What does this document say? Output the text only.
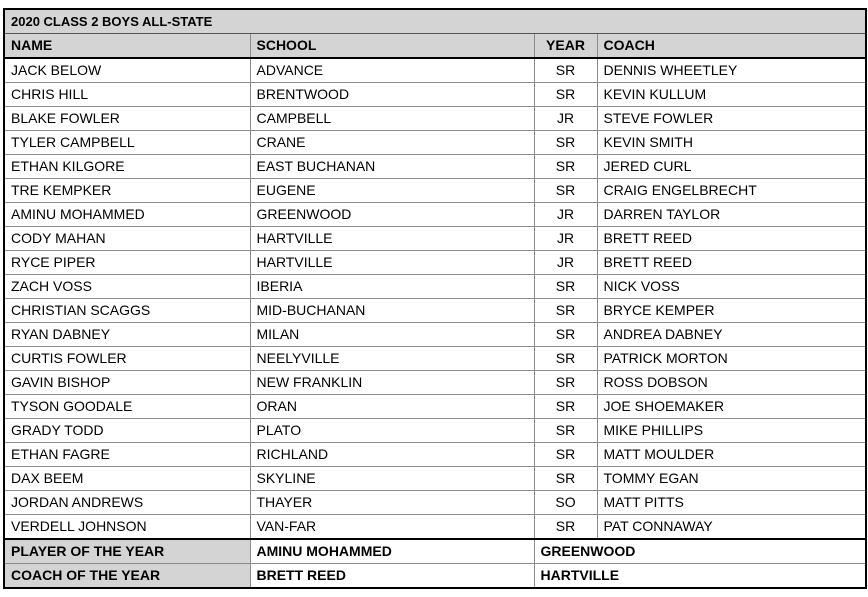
2020 CLASS 2 BOYS ALL-STATE			
NAME	SCHOOL	YEAR	COACH
JACK BELOW	ADVANCE	SR	DENNIS WHEETLEY
CHRIS HILL	BRENTWOOD	SR	KEVIN KULLUM
BLAKE FOWLER	CAMPBELL	JR	STEVE FOWLER
TYLER CAMPBELL	CRANE	SR	KEVIN SMITH
ETHAN KILGORE	EAST BUCHANAN	SR	JERED CURL
TRE KEMPKER	EUGENE	SR	CRAIG ENGELBRECHT
AMINU MOHAMMED	GREENWOOD	JR	DARREN TAYLOR
CODY MAHAN	HARTVILLE	JR	BRETT REED
RYCE PIPER	HARTVILLE	JR	BRETT REED
ZACH VOSS	IBERIA	SR	NICK VOSS
CHRISTIAN SCAGGS	MID-BUCHANAN	SR	BRYCE KEMPER
RYAN DABNEY	MILAN	SR	ANDREA DABNEY
CURTIS FOWLER	NEELYVILLE	SR	PATRICK MORTON
GAVIN BISHOP	NEW FRANKLIN	SR	ROSS DOBSON
TYSON GOODALE	ORAN	SR	JOE SHOEMAKER
GRADY TODD	PLATO	SR	MIKE PHILLIPS
ETHAN FAGRE	RICHLAND	SR	MATT MOULDER
DAX BEEM	SKYLINE	SR	TOMMY EGAN
JORDAN ANDREWS	THAYER	SO	MATT PITTS
VERDELL JOHNSON	VAN-FAR	SR	PAT CONNAWAY
PLAYER OF THE YEAR	AMINU MOHAMMED	GREENWOOD	
COACH OF THE YEAR	BRETT REED	HARTVILLE	
